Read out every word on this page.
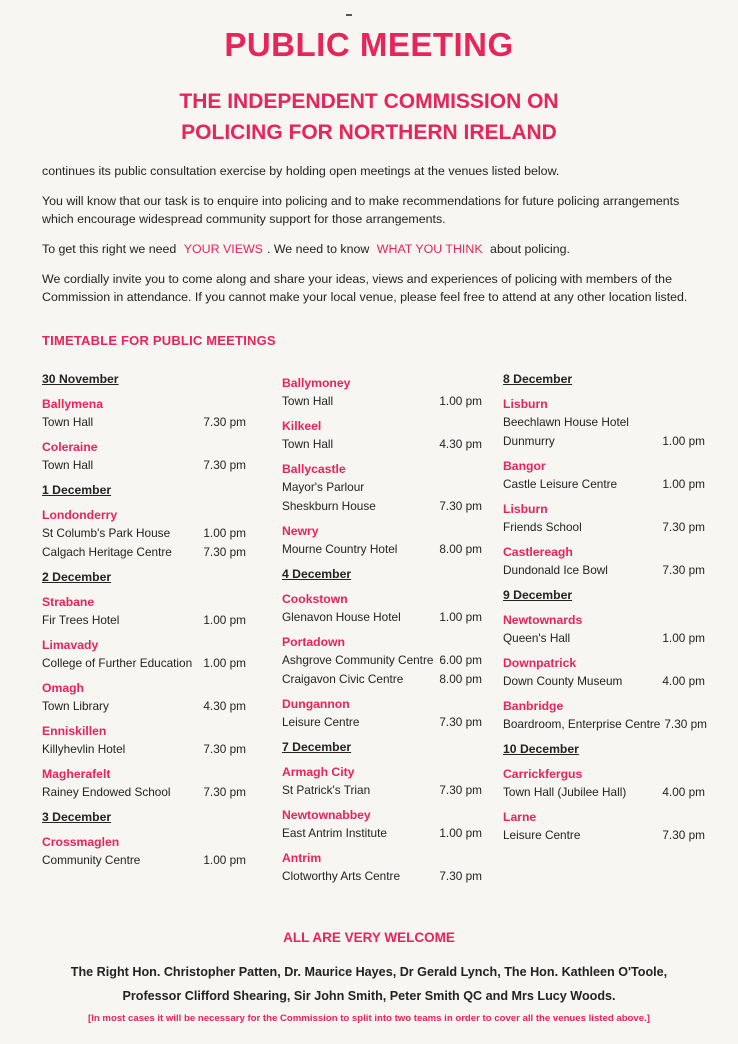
PUBLIC MEETING
THE INDEPENDENT COMMISSION ON
POLICING FOR NORTHERN IRELAND

continues its public consultation exercise by holding open meetings at the venues listed below.

You will know that our task is to enquire into policing and to make recommendations for future policing arrangements which encourage widespread community support for those arrangements.

To get this right we need YOUR VIEWS . We need to know WHAT YOU THINK about policing.

We cordially invite you to come along and share your ideas, views and experiences of policing with members of the Commission in attendance. If you cannot make your local venue, please feel free to attend at any other location listed.

TIMETABLE FOR PUBLIC MEETINGS
30 November
Ballymena
Town Hall	7.30 pm
Coleraine
Town Hall	7.30 pm
1 December
Londonderry
St Columb's Park House	1.00 pm
Calgach Heritage Centre	7.30 pm
2 December
Strabane
Fir Trees Hotel	1.00 pm
Limavady
College of Further Education 1.00 pm
Omagh
Town Library	4.30 pm
Enniskillen
Killyhevlin Hotel	7.30 pm
Magherafelt
Rainey Endowed School	7.30 pm
3 December
Crossmaglen
Community Centre	1.00 pm
Ballymoney
Town Hall	1.00 pm
Kilkeel
Town Hall	4.30 pm
Ballycastle
Mayor's Parlour
Sheskburn House	7.30 pm
Newry
Mourne Country Hotel	8.00 pm
4 December
Cookstown
Glenavon House Hotel	1.00 pm
Portadown
Ashgrove Community Centre 6.00 pm
Craigavon Civic Centre	8.00 pm
Dungannon
Leisure Centre	7.30 pm
7 December
Armagh City
St Patrick's Trian	7.30 pm
Newtownabbey
East Antrim Institute	1.00 pm
Antrim
Clotworthy Arts Centre	7.30 pm
8 December
Lisburn
Beechlawn House Hotel
Dunmurry	1.00 pm
Bangor
Castle Leisure Centre	1.00 pm
Lisburn
Friends School	7.30 pm
Castlereagh
Dundonald Ice Bowl	7.30 pm
9 December
Newtownards
Queen's Hall	1.00 pm
Downpatrick
Down County Museum	4.00 pm
Banbridge
Boardroom, Enterprise Centre 7.30 pm
10 December
Carrickfergus
Town Hall (Jubilee Hall)	4.00 pm
Larne
Leisure Centre	7.30 pm
ALL ARE VERY WELCOME
The Right Hon. Christopher Patten, Dr. Maurice Hayes, Dr Gerald Lynch, The Hon. Kathleen O'Toole,
Professor Clifford Shearing, Sir John Smith, Peter Smith QC and Mrs Lucy Woods.
[In most cases it will be necessary for the Commission to split into two teams in order to cover all the venues listed above.]
